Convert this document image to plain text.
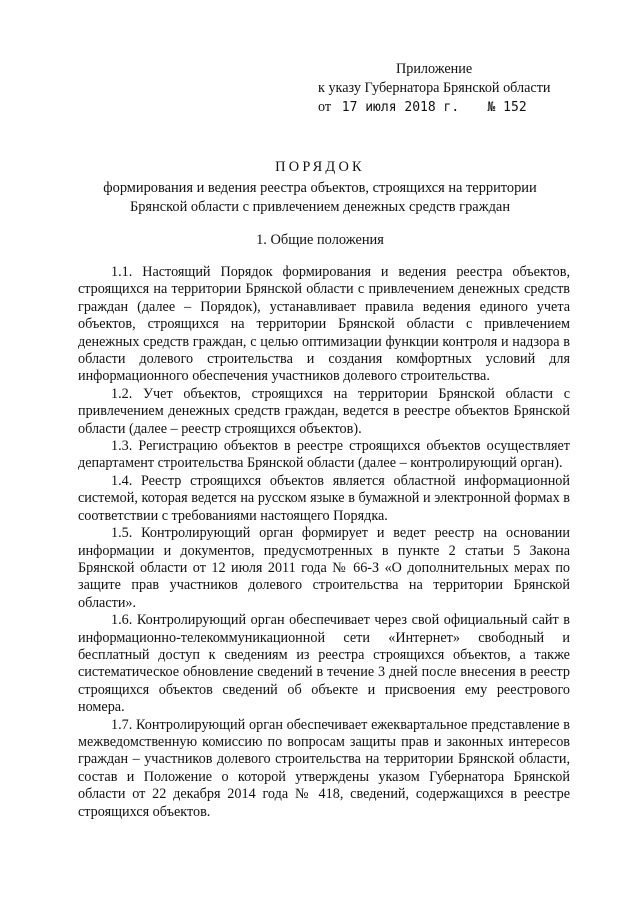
Приложение
к указу Губернатора Брянской области
от 17 июля 2018 г. № 152
ПОРЯДОК
формирования и ведения реестра объектов, строящихся на территории
Брянской области с привлечением денежных средств граждан
1. Общие положения

1.1. Настоящий Порядок формирования и ведения реестра объектов, строящихся на территории Брянской области с привлечением денежных средств граждан (далее – Порядок), устанавливает правила ведения единого учета объектов, строящихся на территории Брянской области с привлечением денежных средств граждан, с целью оптимизации функции контроля и надзора в области долевого строительства и создания комфортных условий для информационного обеспечения участников долевого строительства.

1.2. Учет объектов, строящихся на территории Брянской области с привлечением денежных средств граждан, ведется в реестре объектов Брянской области (далее – реестр строящихся объектов).

1.3. Регистрацию объектов в реестре строящихся объектов осуществляет департамент строительства Брянской области (далее – контролирующий орган).

1.4. Реестр строящихся объектов является областной информационной системой, которая ведется на русском языке в бумажной и электронной формах в соответствии с требованиями настоящего Порядка.

1.5. Контролирующий орган формирует и ведет реестр на основании информации и документов, предусмотренных в пункте 2 статьи 5 Закона Брянской области от 12 июля 2011 года № 66-З «О дополнительных мерах по защите прав участников долевого строительства на территории Брянской области».

1.6. Контролирующий орган обеспечивает через свой официальный сайт в информационно-телекоммуникационной сети «Интернет» свободный и бесплатный доступ к сведениям из реестра строящихся объектов, а также систематическое обновление сведений в течение 3 дней после внесения в реестр строящихся объектов сведений об объекте и присвоения ему реестрового номера.

1.7. Контролирующий орган обеспечивает ежеквартальное представление в межведомственную комиссию по вопросам защиты прав и законных интересов граждан – участников долевого строительства на территории Брянской области, состав и Положение о которой утверждены указом Губернатора Брянской области от 22 декабря 2014 года № 418, сведений, содержащихся в реестре строящихся объектов.
